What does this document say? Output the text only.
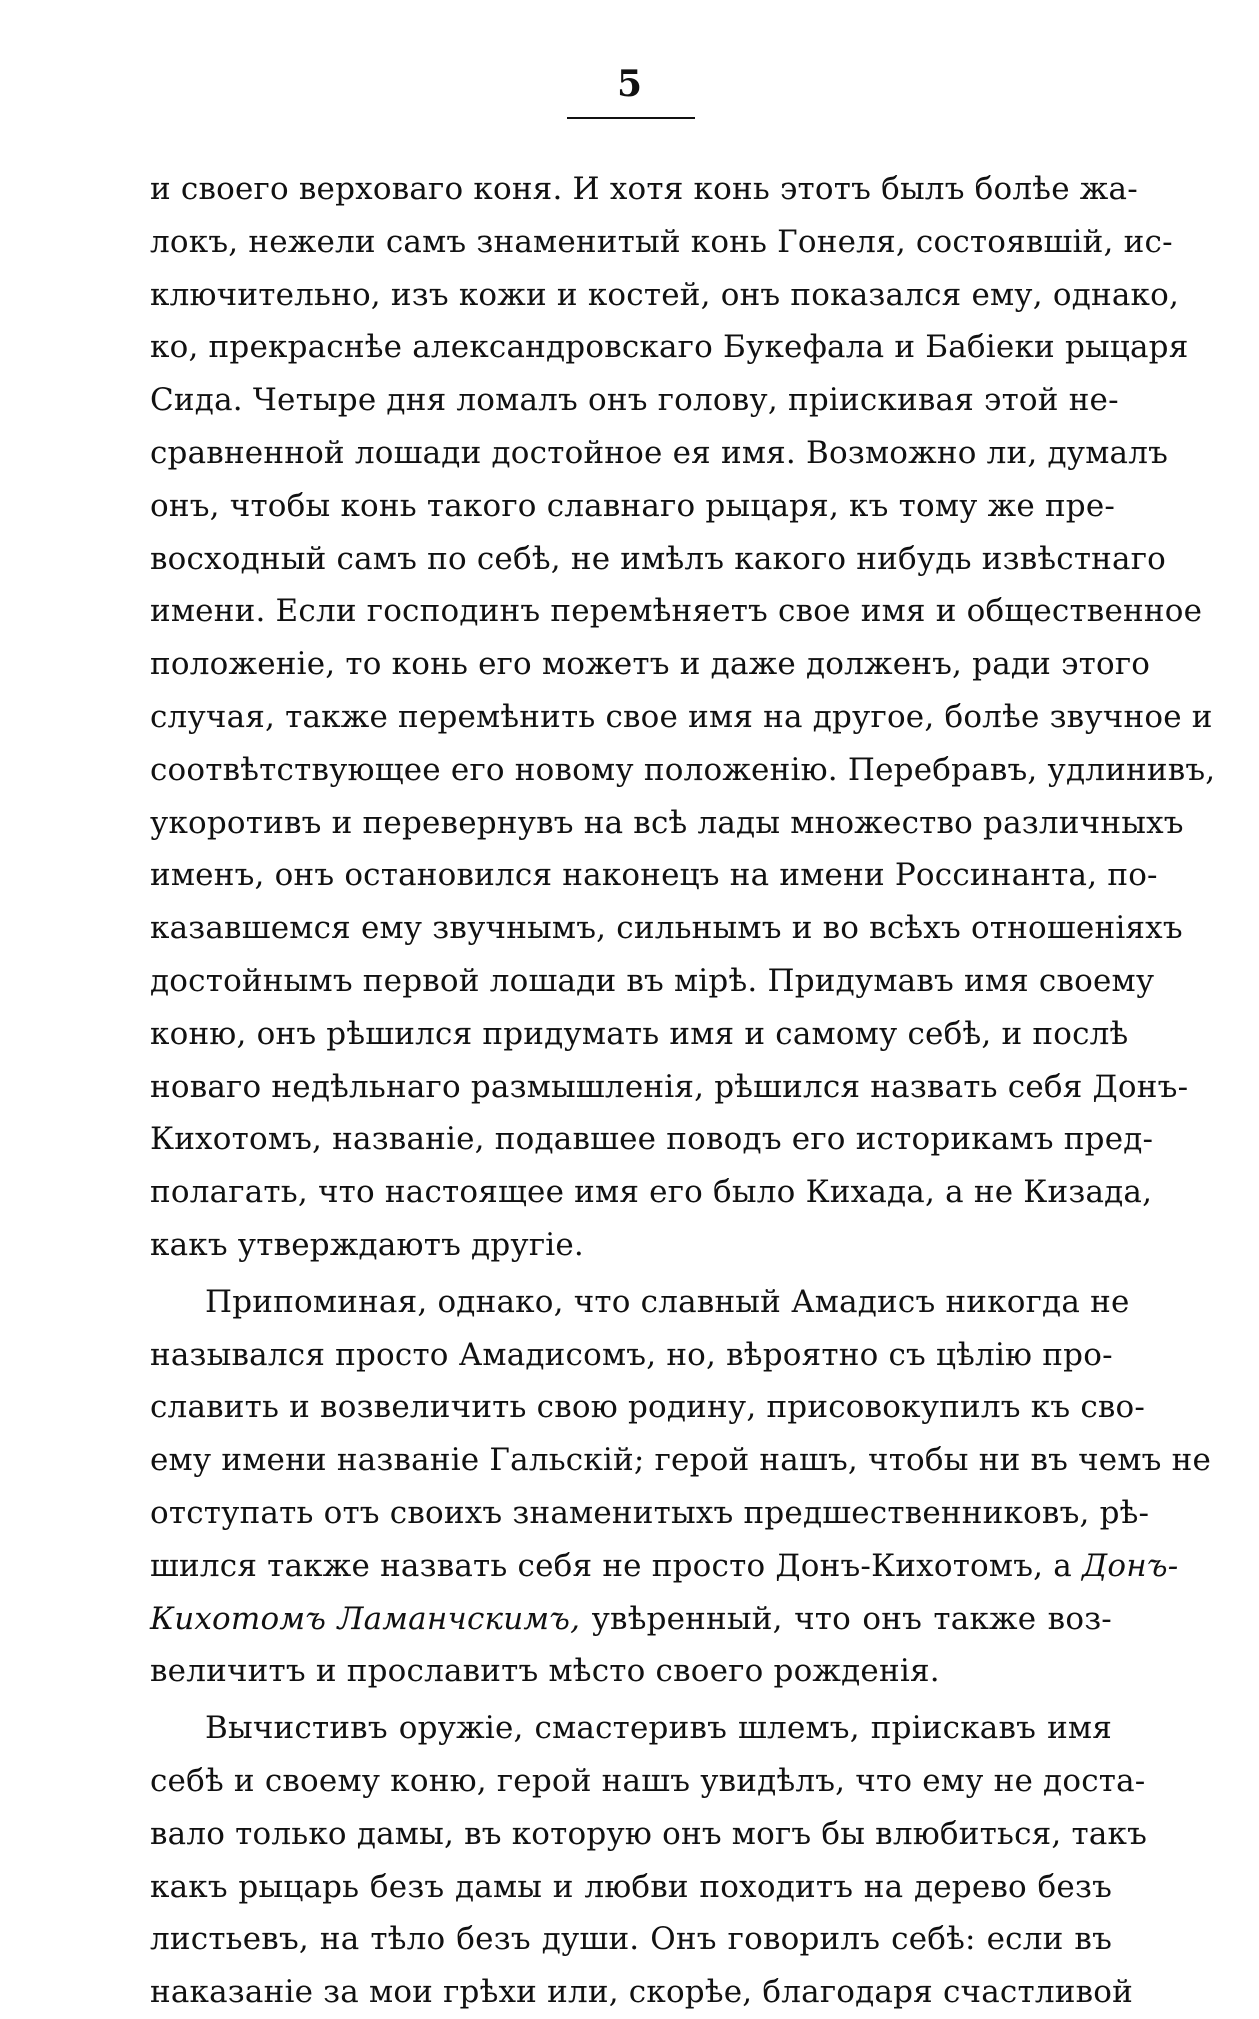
5
и своего верховаго коня. И хотя конь этотъ былъ болѣе жа-
локъ, нежели самъ знаменитый конь Гонеля, состоявшій, ис-
ключительно, изъ кожи и костей, онъ показался ему, однако,
ко, прекраснѣе александровскаго Букефала и Бабіеки рыцаря
Сида. Четыре дня ломалъ онъ голову, пріискивая этой не-
сравненной лошади достойное ея имя. Возможно ли, думалъ
онъ, чтобы конь такого славнаго рыцаря, къ тому же пре-
восходный самъ по себѣ, не имѣлъ какого нибудь извѣстнаго
имени. Если господинъ перемѣняетъ свое имя и общественное
положеніе, то конь его можетъ и даже долженъ, ради этого
случая, также перемѣнить свое имя на другое, болѣе звучное и
соотвѣтствующее его новому положенію. Перебравъ, удлинивъ,
укоротивъ и перевернувъ на всѣ лады множество различныхъ
именъ, онъ остановился наконецъ на имени Россинанта, по-
казавшемся ему звучнымъ, сильнымъ и во всѣхъ отношеніяхъ
достойнымъ первой лошади въ мірѣ. Придумавъ имя своему
коню, онъ рѣшился придумать имя и самому себѣ, и послѣ
новаго недѣльнаго размышленія, рѣшился назвать себя Донъ-
Кихотомъ, названіе, подавшее поводъ его историкамъ пред-
полагать, что настоящее имя его было Кихада, а не Кизада,
какъ утверждаютъ другіе.
Припоминая, однако, что славный Амадисъ никогда не
назывался просто Амадисомъ, но, вѣроятно съ цѣлію про-
славить и возвеличить свою родину, присовокупилъ къ сво-
ему имени названіе Гальскій; герой нашъ, чтобы ни въ чемъ не
отступать отъ своихъ знаменитыхъ предшественниковъ, рѣ-
шился также назвать себя не просто Донъ-Кихотомъ, а Донъ-
Кихотомъ Ламанчскимъ, увѣренный, что онъ также воз-
величитъ и прославитъ мѣсто своего рожденія.
Вычистивъ оружіе, смастеривъ шлемъ, пріискавъ имя
себѣ и своему коню, герой нашъ увидѣлъ, что ему не доста-
вало только дамы, въ которую онъ могъ бы влюбиться, такъ
какъ рыцарь безъ дамы и любви походитъ на дерево безъ
листьевъ, на тѣло безъ души. Онъ говорилъ себѣ: если въ
наказаніе за мои грѣхи или, скорѣе, благодаря счастливой
